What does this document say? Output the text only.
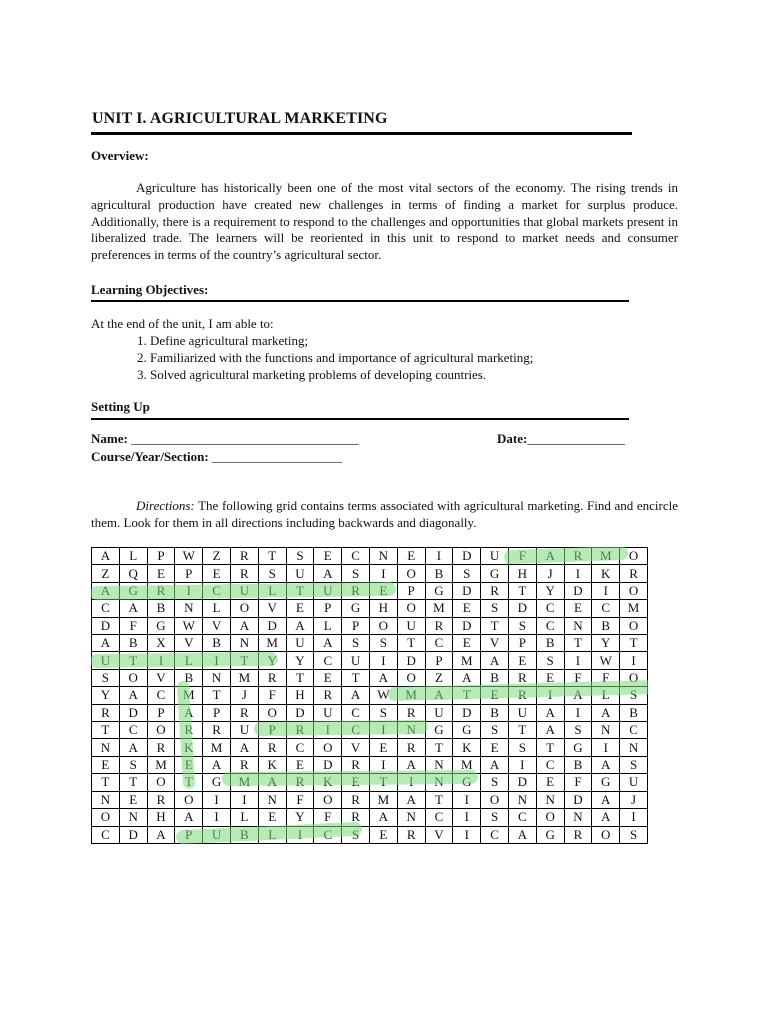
UNIT I. AGRICULTURAL MARKETING
Overview:

Agriculture has historically been one of the most vital sectors of the economy. The rising trends in agricultural production have created new challenges in terms of finding a market for surplus produce. Additionally, there is a requirement to respond to the challenges and opportunities that global markets present in liberalized trade. The learners will be reoriented in this unit to respond to market needs and consumer preferences in terms of the country’s agricultural sector.

Learning Objectives:
At the end of the unit, I am able to:
1. Define agricultural marketing;
2. Familiarized with the functions and importance of agricultural marketing;
3. Solved agricultural marketing problems of developing countries.
Setting Up
Name: ___________________________________	Date:_______________
Course/Year/Section: ____________________

Directions: The following grid contains terms associated with agricultural marketing. Find and encircle them. Look for them in all directions including backwards and diagonally.

A	L	P	W	Z	R	T	S	E	C	N	E	I	D	U	F	A	R	M	O
Z	Q	E	P	E	R	S	U	A	S	I	O	B	S	G	H	J	I	K	R
A	G	R	I	C	U	L	T	U	R	E	P	G	D	R	T	Y	D	I	O
C	A	B	N	L	O	V	E	P	G	H	O	M	E	S	D	C	E	C	M
D	F	G	W	V	A	D	A	L	P	O	U	R	D	T	S	C	N	B	O
A	B	X	V	B	N	M	U	A	S	S	T	C	E	V	P	B	T	Y	T
U	T	I	L	I	T	Y	Y	C	U	I	D	P	M	A	E	S	I	W	I
S	O	V	B	N	M	R	T	E	T	A	O	Z	A	B	R	E	F	F	O
Y	A	C	M	T	J	F	H	R	A	W	M	A	T	E	R	I	A	L	S
R	D	P	A	P	R	O	D	U	C	S	R	U	D	B	U	A	I	A	B
T	C	O	R	R	U	P	R	I	C	I	N	G	G	S	T	A	S	N	C
N	A	R	K	M	A	R	C	O	V	E	R	T	K	E	S	T	G	I	N
E	S	M	E	A	R	K	E	D	R	I	A	N	M	A	I	C	B	A	S
T	T	O	T	G	M	A	R	K	E	T	I	N	G	S	D	E	F	G	U
N	E	R	O	I	I	N	F	O	R	M	A	T	I	O	N	N	D	A	J
O	N	H	A	I	L	E	Y	F	R	A	N	C	I	S	C	O	N	A	I
C	D	A	P	U	B	L	I	C	S	E	R	V	I	C	A	G	R	O	S
